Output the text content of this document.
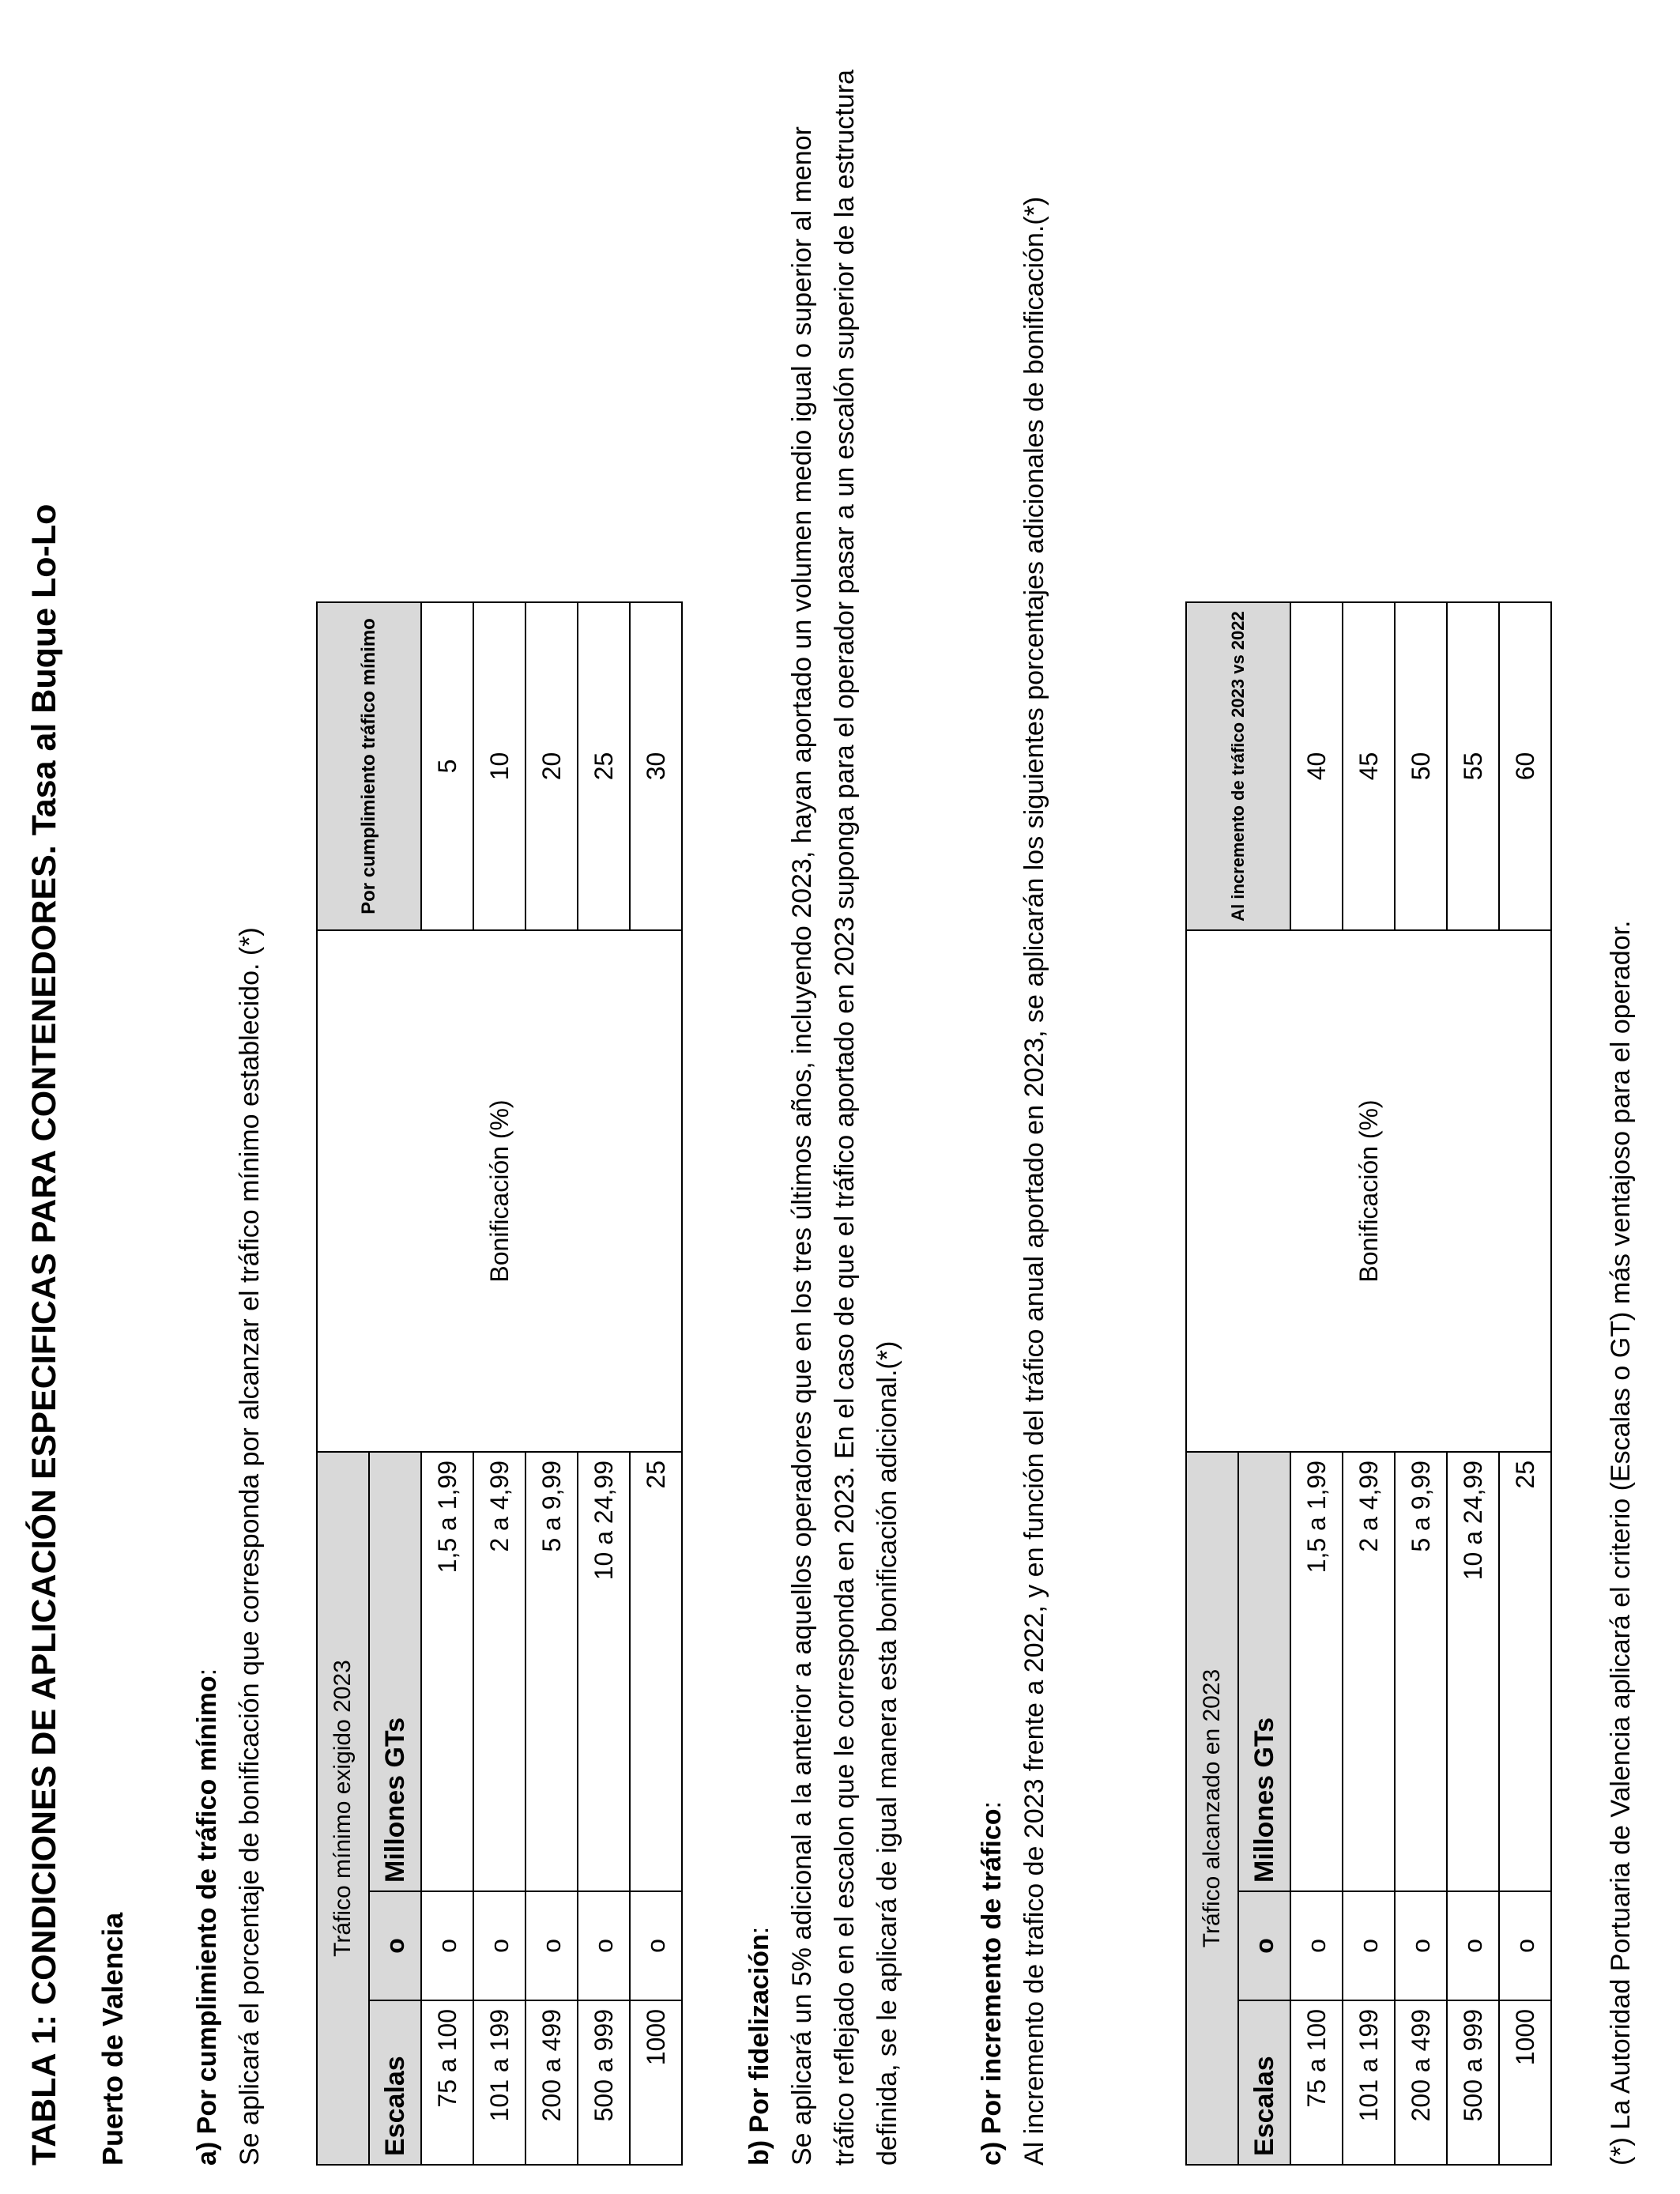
TABLA 1: CONDICIONES DE APLICACIÓN ESPECIFICAS PARA CONTENEDORES. Tasa al Buque Lo-Lo Puerto de Valencia a) Por cumplimiento de tráfico mínimo: Se aplicará el porcentaje de bonificación que corresponda por alcanzar el tráfico mínimo establecido. (*)	Tráfico mínimo exigido 2023			Bonificación (%)	Por cumplimiento tráfico mínimo
Escalas	o	Millones GTs		
75 a 100	o	1,5 a 1,99		5
101 a 199	o	2 a 4,99		10
200 a 499	o	5 a 9,99		20
500 a 999	o	10 a 24,99		25
1000	o	25		30
b) Por fidelización: Se aplicará un 5% adicional a la anterior a aquellos operadores que en los tres últimos años, incluyendo 2023, hayan aportado un volumen medio igual o superior al menor tráfico reflejado en el escalon que le corresponda en 2023. En el caso de que el tráfico aportado en 2023 suponga para el operador pasar a un escalón superior de la estructura definida, se le aplicará de igual manera esta bonificación adicional.(*)	c) Por incremento de tráfico: Al incremento de trafico de 2023 frente a 2022, y en función del tráfico anual aportado en 2023, se aplicarán los siguientes porcentajes adicionales de bonificación.(*)	Tráfico alcanzado en 2023			Bonificación (%)	Al incremento de tráfico 2023 vs 2022
Escalas	o	Millones GTs		
75 a 100	o	1,5 a 1,99		40
101 a 199	o	2 a 4,99		45
200 a 499	o	5 a 9,99		50
500 a 999	o	10 a 24,99		55
1000	o	25		60
(*) La Autoridad Portuaria de Valencia aplicará el criterio (Escalas o GT) más ventajoso para el operador.
